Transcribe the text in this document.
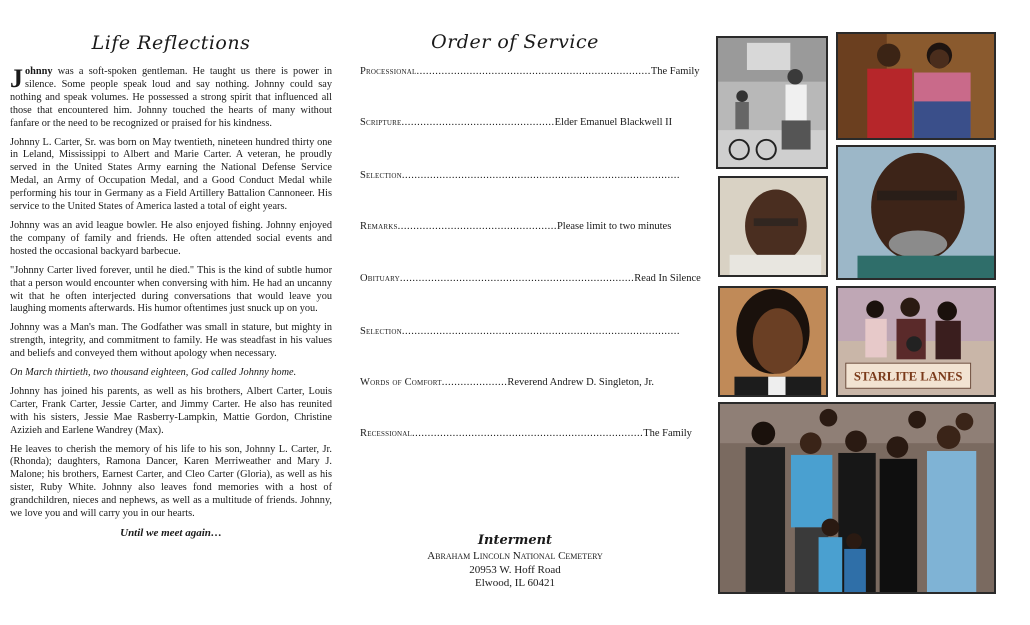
Life Reflections

Johnny was a soft-spoken gentleman. He taught us there is power in silence. Some people speak loud and say nothing. Johnny could say nothing and speak volumes. He possessed a strong spirit that influenced all those that encountered him. Johnny touched the hearts of many without fanfare or the need to be recognized or praised for his kindness.

Johnny L. Carter, Sr. was born on May twentieth, nineteen hundred thirty one in Leland, Mississippi to Albert and Marie Carter. A veteran, he proudly served in the United States Army earning the National Defense Service Medal, an Army of Occupation Medal, and a Good Conduct Medal while performing his tour in Germany as a Field Artillery Battalion Cannoneer. His service to the United States of America lasted a total of eight years.

Johnny was an avid league bowler. He also enjoyed fishing. Johnny enjoyed the company of family and friends. He often attended social events and hosted the occasional backyard barbecue.

"Johnny Carter lived forever, until he died." This is the kind of subtle humor that a person would encounter when conversing with him. He had an uncanny wit that he often interjected during conversations that would leave you laughing moments afterwards. His humor oftentimes just snuck up on you.

Johnny was a Man's man. The Godfather was small in stature, but mighty in strength, integrity, and commitment to family. He was steadfast in his values and beliefs and conveyed them without apology when necessary.

On March thirtieth, two thousand eighteen, God called Johnny home.

Johnny has joined his parents, as well as his brothers, Albert Carter, Louis Carter, Frank Carter, Jessie Carter, and Jimmy Carter. He also has reunited with his sisters, Jessie Mae Rasberry-Lampkin, Mattie Gordon, Christine Azizieh and Earlene Wandrey (Max).

He leaves to cherish the memory of his life to his son, Johnny L. Carter, Jr. (Rhonda); daughters, Ramona Dancer, Karen Merriweather and Mary J. Malone; his brothers, Earnest Carter, and Cleo Carter (Gloria), as well as his sister, Ruby White. Johnny also leaves fond memories with a host of grandchildren, nieces and nephews, as well as a multitude of friends. Johnny, we love you and will carry you in our hearts.

Until we meet again…
Order of Service
Processional...........................................................................The Family
Scripture.................................................Elder Emanuel Blackwell II
Selection.........................................................................................
Remarks...................................................Please limit to two minutes
Obituary...........................................................................Read In Silence
Selection.........................................................................................
Words of Comfort.....................Reverend Andrew D. Singleton, Jr.
Recessional..........................................................................The Family
Interment
Abraham Lincoln National Cemetery
20953 W. Hoff Road
Elwood, IL 60421
STARLITE LANES
